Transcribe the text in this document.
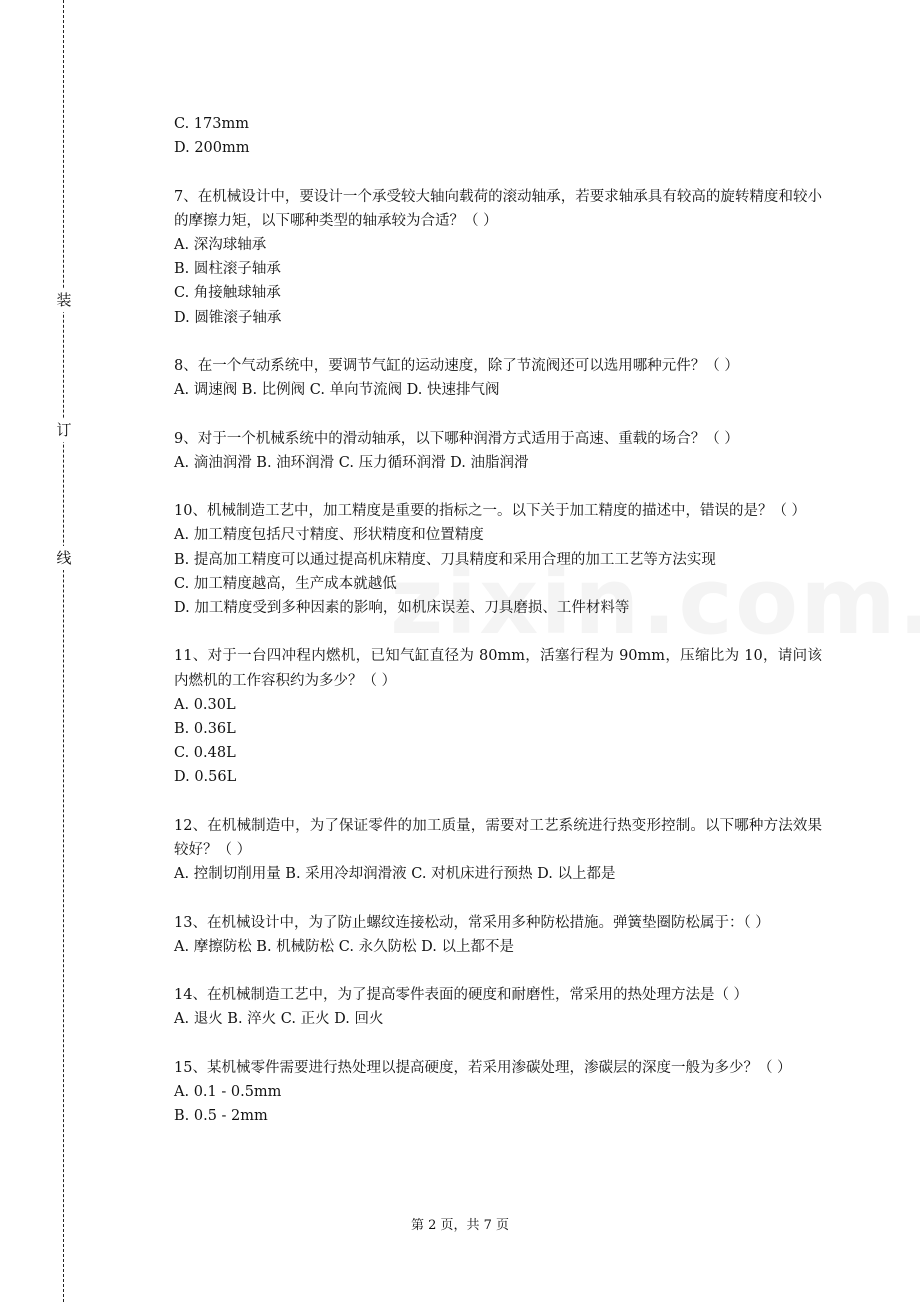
装
订
线
C. 173mm
D. 200mm
7、在机械设计中，要设计一个承受较大轴向载荷的滚动轴承，若要求轴承具有较高的旋转精度和较小的摩擦力矩，以下哪种类型的轴承较为合适？（ ）
A. 深沟球轴承
B. 圆柱滚子轴承
C. 角接触球轴承
D. 圆锥滚子轴承
8、在一个气动系统中，要调节气缸的运动速度，除了节流阀还可以选用哪种元件？（ ）
A. 调速阀 B. 比例阀 C. 单向节流阀 D. 快速排气阀
9、对于一个机械系统中的滑动轴承，以下哪种润滑方式适用于高速、重载的场合？（ ）
A. 滴油润滑 B. 油环润滑 C. 压力循环润滑 D. 油脂润滑
10、机械制造工艺中，加工精度是重要的指标之一。以下关于加工精度的描述中，错误的是？（ ）
A. 加工精度包括尺寸精度、形状精度和位置精度
B. 提高加工精度可以通过提高机床精度、刀具精度和采用合理的加工工艺等方法实现
C. 加工精度越高，生产成本就越低
D. 加工精度受到多种因素的影响，如机床误差、刀具磨损、工件材料等
11、对于一台四冲程内燃机，已知气缸直径为 80mm，活塞行程为 90mm，压缩比为 10，请问该内燃机的工作容积约为多少？（ ）
A. 0.30L
B. 0.36L
C. 0.48L
D. 0.56L
12、在机械制造中，为了保证零件的加工质量，需要对工艺系统进行热变形控制。以下哪种方法效果较好？（ ）
A. 控制切削用量 B. 采用冷却润滑液 C. 对机床进行预热 D. 以上都是
13、在机械设计中，为了防止螺纹连接松动，常采用多种防松措施。弹簧垫圈防松属于：（ ）
A. 摩擦防松 B. 机械防松 C. 永久防松 D. 以上都不是
14、在机械制造工艺中，为了提高零件表面的硬度和耐磨性，常采用的热处理方法是（ ）
A. 退火 B. 淬火 C. 正火 D. 回火
15、某机械零件需要进行热处理以提高硬度，若采用渗碳处理，渗碳层的深度一般为多少？（ ）
A. 0.1 - 0.5mm
B. 0.5 - 2mm
第 2 页，共 7 页
